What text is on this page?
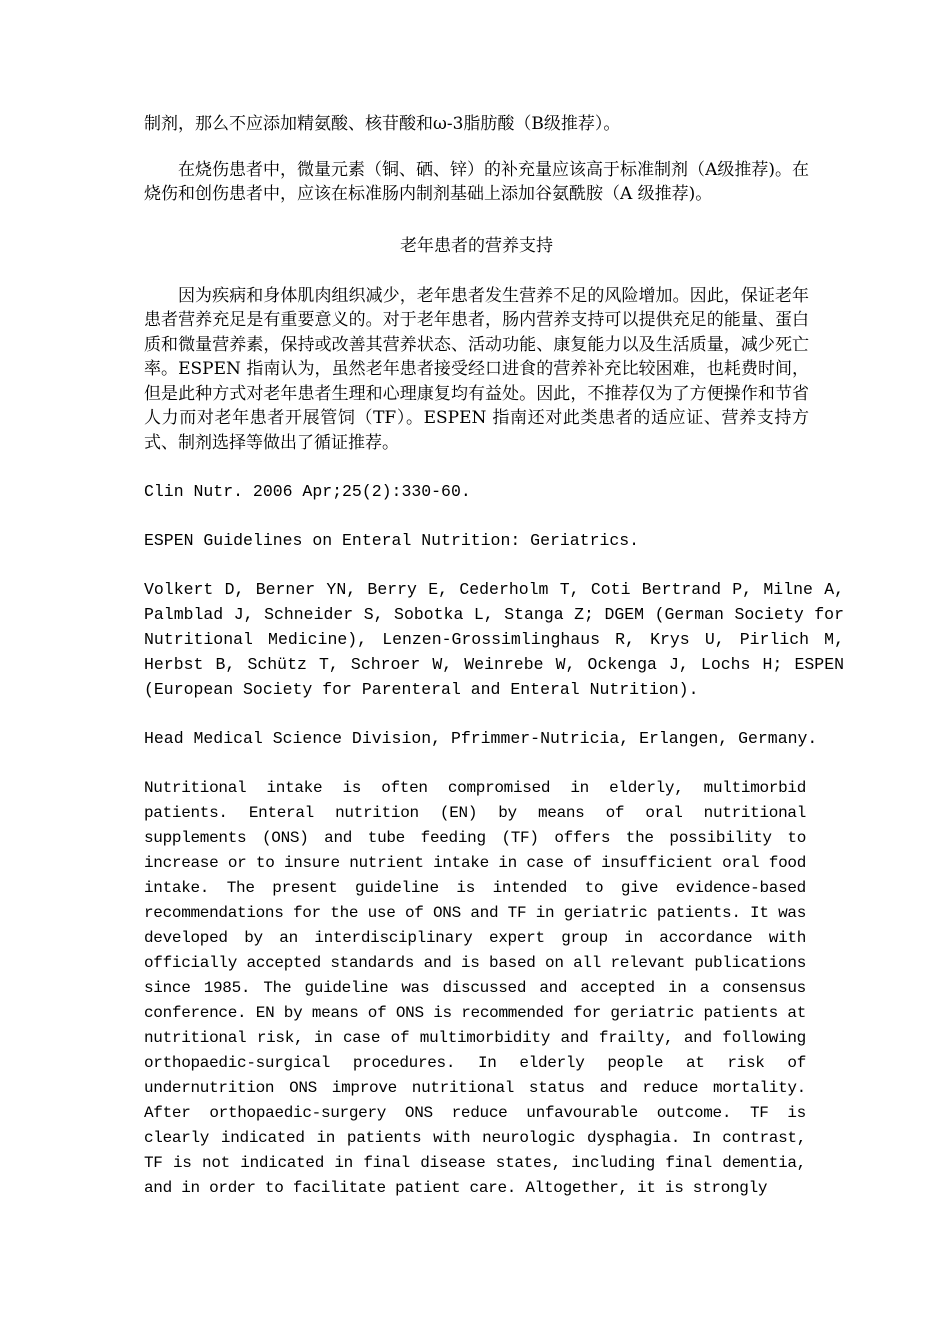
制剂，那么不应添加精氨酸、核苷酸和ω-3脂肪酸（B级推荐）。

在烧伤患者中，微量元素（铜、硒、锌）的补充量应该高于标准制剂（A级推荐)。在烧伤和创伤患者中，应该在标准肠内制剂基础上添加谷氨酰胺（A 级推荐)。

老年患者的营养支持

因为疾病和身体肌肉组织减少，老年患者发生营养不足的风险增加。因此，保证老年患者营养充足是有重要意义的。对于老年患者，肠内营养支持可以提供充足的能量、蛋白质和微量营养素，保持或改善其营养状态、活动功能、康复能力以及生活质量，减少死亡率。ESPEN 指南认为，虽然老年患者接受经口进食的营养补充比较困难，也耗费时间，但是此种方式对老年患者生理和心理康复均有益处。因此，不推荐仅为了方便操作和节省人力而对老年患者开展管饲（TF）。ESPEN 指南还对此类患者的适应证、营养支持方式、制剂选择等做出了循证推荐。

Clin Nutr. 2006 Apr;25(2):330-60.

ESPEN Guidelines on Enteral Nutrition: Geriatrics.

Volkert D, Berner YN, Berry E, Cederholm T, Coti Bertrand P, Milne A, Palmblad J, Schneider S, Sobotka L, Stanga Z; DGEM (German Society for Nutritional Medicine), Lenzen-Grossimlinghaus R, Krys U, Pirlich M, Herbst B, Schütz T, Schroer W, Weinrebe W, Ockenga J, Lochs H; ESPEN (European Society for Parenteral and Enteral Nutrition).

Head Medical Science Division, Pfrimmer-Nutricia, Erlangen, Germany.

Nutritional intake is often compromised in elderly, multimorbid patients. Enteral nutrition (EN) by means of oral nutritional supplements (ONS) and tube feeding (TF) offers the possibility to increase or to insure nutrient intake in case of insufficient oral food intake. The present guideline is intended to give evidence-based recommendations for the use of ONS and TF in geriatric patients. It was developed by an interdisciplinary expert group in accordance with officially accepted standards and is based on all relevant publications since 1985. The guideline was discussed and accepted in a consensus conference. EN by means of ONS is recommended for geriatric patients at nutritional risk, in case of multimorbidity and frailty, and following orthopaedic-surgical procedures. In elderly people at risk of undernutrition ONS improve nutritional status and reduce mortality. After orthopaedic-surgery ONS reduce unfavourable outcome. TF is clearly indicated in patients with neurologic dysphagia. In contrast, TF is not indicated in final disease states, including final dementia, and in order to facilitate patient care. Altogether, it is strongly
